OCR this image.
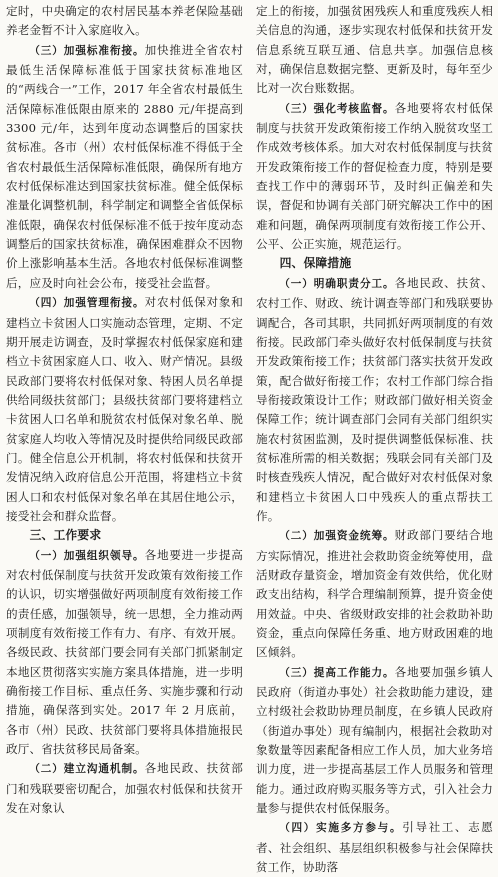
定时，中央确定的农村居民基本养老保险基础养老金暂不计入家庭收入。

（三）加强标准衔接。加快推进全省农村最低生活保障标准低于国家扶贫标准地区的“两线合一”工作，2017 年全省农村最低生活保障标准低限由原来的 2880 元/年提高到 3300 元/年，达到年度动态调整后的国家扶贫标准。各市（州）农村低保标准不得低于全省农村最低生活保障标准低限，确保所有地方农村低保标准达到国家扶贫标准。健全低保标准量化调整机制，科学制定和调整全省低保标准低限，确保农村低保标准不低于按年度动态调整后的国家扶贫标准，确保困难群众不因物价上涨影响基本生活。各地农村低保标准调整后，应及时向社会公布，接受社会监督。

（四）加强管理衔接。对农村低保对象和建档立卡贫困人口实施动态管理，定期、不定期开展走访调查，及时掌握农村低保家庭和建档立卡贫困家庭人口、收入、财产情况。县级民政部门要将农村低保对象、特困人员名单提供给同级扶贫部门；县级扶贫部门要将建档立卡贫困人口名单和脱贫农村低保对象名单、脱贫家庭人均收入等情况及时提供给同级民政部门。健全信息公开机制，将农村低保和扶贫开发情况纳入政府信息公开范围，将建档立卡贫困人口和农村低保对象名单在其居住地公示，接受社会和群众监督。

三、工作要求

（一）加强组织领导。各地要进一步提高对农村低保制度与扶贫开发政策有效衔接工作的认识，切实增强做好两项制度有效衔接工作的责任感，加强领导，统一思想，全力推动两项制度有效衔接工作有力、有序、有效开展。各级民政、扶贫部门要会同有关部门抓紧制定本地区贯彻落实实施方案具体措施，进一步明确衔接工作目标、重点任务、实施步骤和行动措施，确保落到实处。2017 年 2 月底前，各市（州）民政、扶贫部门要将具体措施报民政厅、省扶贫移民局备案。

（二）建立沟通机制。各地民政、扶贫部门和残联要密切配合，加强农村低保和扶贫开发在对象认

定上的衔接，加强贫困残疾人和重度残疾人相关信息的沟通，逐步实现农村低保和扶贫开发信息系统互联互通、信息共享。加强信息核对，确保信息数据完整、更新及时，每年至少比对一次台账数据。

（三）强化考核监督。各地要将农村低保制度与扶贫开发政策衔接工作纳入脱贫攻坚工作成效考核体系。加大对农村低保制度与扶贫开发政策衔接工作的督促检查力度，特别是要查找工作中的薄弱环节，及时纠正偏差和失误，督促和协调有关部门研究解决工作中的困难和问题，确保两项制度有效衔接工作公开、公平、公正实施，规范运行。

四、保障措施

（一）明确职责分工。各地民政、扶贫、农村工作、财政、统计调查等部门和残联要协调配合，各司其职，共同抓好两项制度的有效衔接。民政部门牵头做好农村低保制度与扶贫开发政策衔接工作；扶贫部门落实扶贫开发政策，配合做好衔接工作；农村工作部门综合指导衔接政策设计工作；财政部门做好相关资金保障工作；统计调查部门会同有关部门组织实施农村贫困监测，及时提供调整低保标准、扶贫标准所需的相关数据；残联会同有关部门及时核查残疾人情况，配合做好对农村低保对象和建档立卡贫困人口中残疾人的重点帮扶工作。

（二）加强资金统筹。财政部门要结合地方实际情况，推进社会救助资金统筹使用，盘活财政存量资金，增加资金有效供给，优化财政支出结构，科学合理编制预算，提升资金使用效益。中央、省级财政安排的社会救助补助资金，重点向保障任务重、地方财政困难的地区倾斜。

（三）提高工作能力。各地要加强乡镇人民政府（街道办事处）社会救助能力建设，建立村级社会救助协理员制度，在乡镇人民政府（街道办事处）现有编制内，根据社会救助对象数量等因素配备相应工作人员，加大业务培训力度，进一步提高基层工作人员服务和管理能力。通过政府购买服务等方式，引入社会力量参与提供农村低保服务。

（四）实施多方参与。引导社工、志愿者、社会组织、基层组织积极参与社会保障扶贫工作，协助落
